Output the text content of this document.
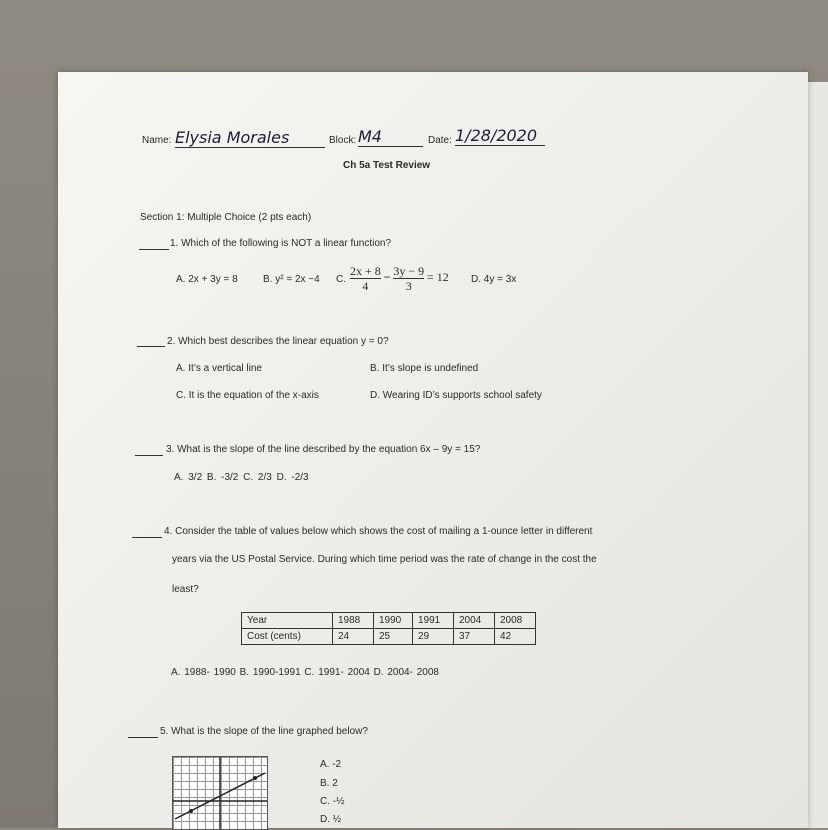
Name: Elysia Morales	Block: M4	Date: 1/28/2020
Ch 5a Test Review
Section 1: Multiple Choice (2 pts each)
1. Which of the following is NOT a linear function?
A. 2x + 3y = 8	B. y² = 2x −4 C. $\frac{2x + 8}{4} - \frac{3y - 9}{3} = 12$ D. 4y = 3x
2. Which best describes the linear equation y = 0?
A. It’s a vertical line	B. It’s slope is undefined
C. It is the equation of the x-axis	D. Wearing ID’s supports school safety
3. What is the slope of the line described by the equation 6x – 9y = 15?
A. 3/2 B. -3/2 C. 2/3 D. -2/3
4. Consider the table of values below which shows the cost of mailing a 1-ounce letter in different
years via the US Postal Service. During which time period was the rate of change in the cost the
least?
Year	1988	1990	1991	2004	2008
Cost (cents)	24	25	29	37	42
A. 1988- 1990 B. 1990-1991 C. 1991- 2004 D. 2004- 2008
5. What is the slope of the line graphed below?
A. -2
B. 2
C. -½
D. ½
